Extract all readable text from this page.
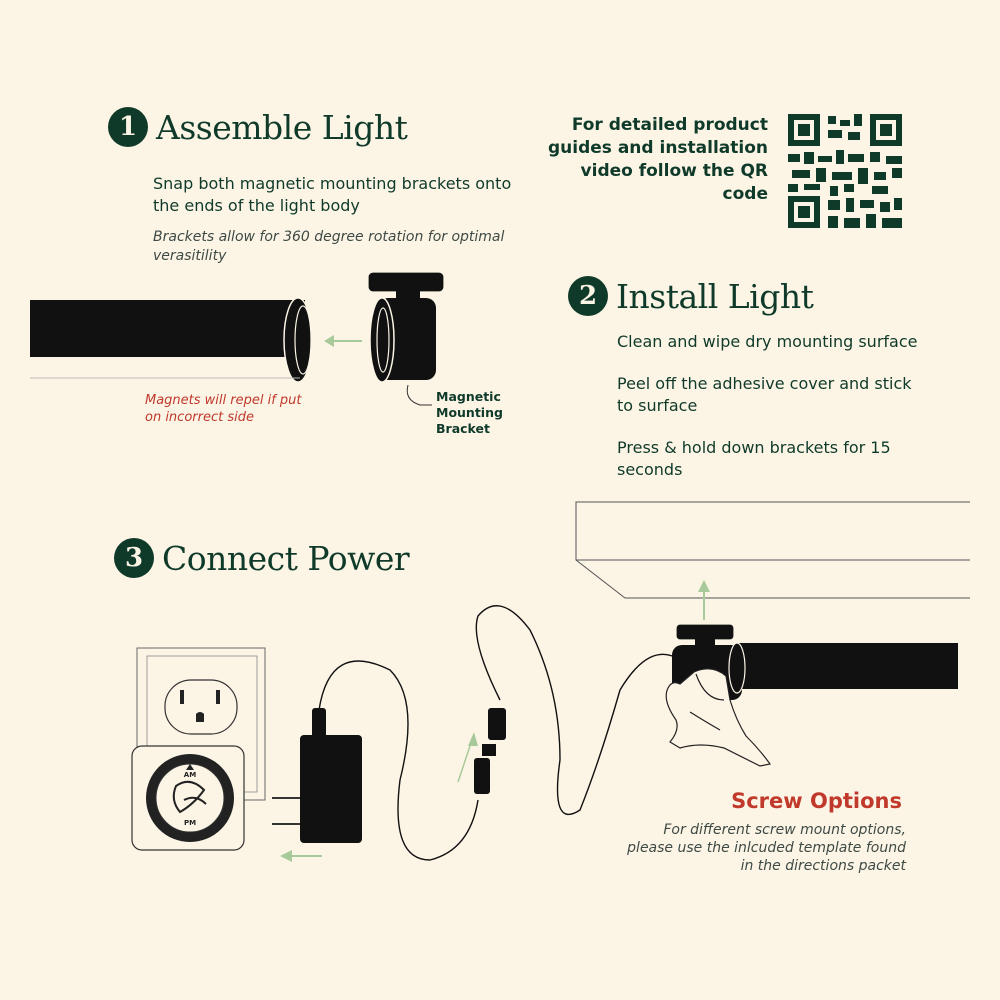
AM
PM
1 Assemble Light
Snap both magnetic mounting brackets onto the ends of the light body
Brackets allow for 360 degree rotation for optimal verasitility
Magnets will repel if put on incorrect side
Magnetic Mounting Bracket
For detailed product guides and installation video follow the QR code
2 Install Light
Clean and wipe dry mounting surface
Peel off the adhesive cover and stick to surface
Press & hold down brackets for 15 seconds
3 Connect Power
Screw Options
For different screw mount options, please use the inlcuded template found in the directions packet
